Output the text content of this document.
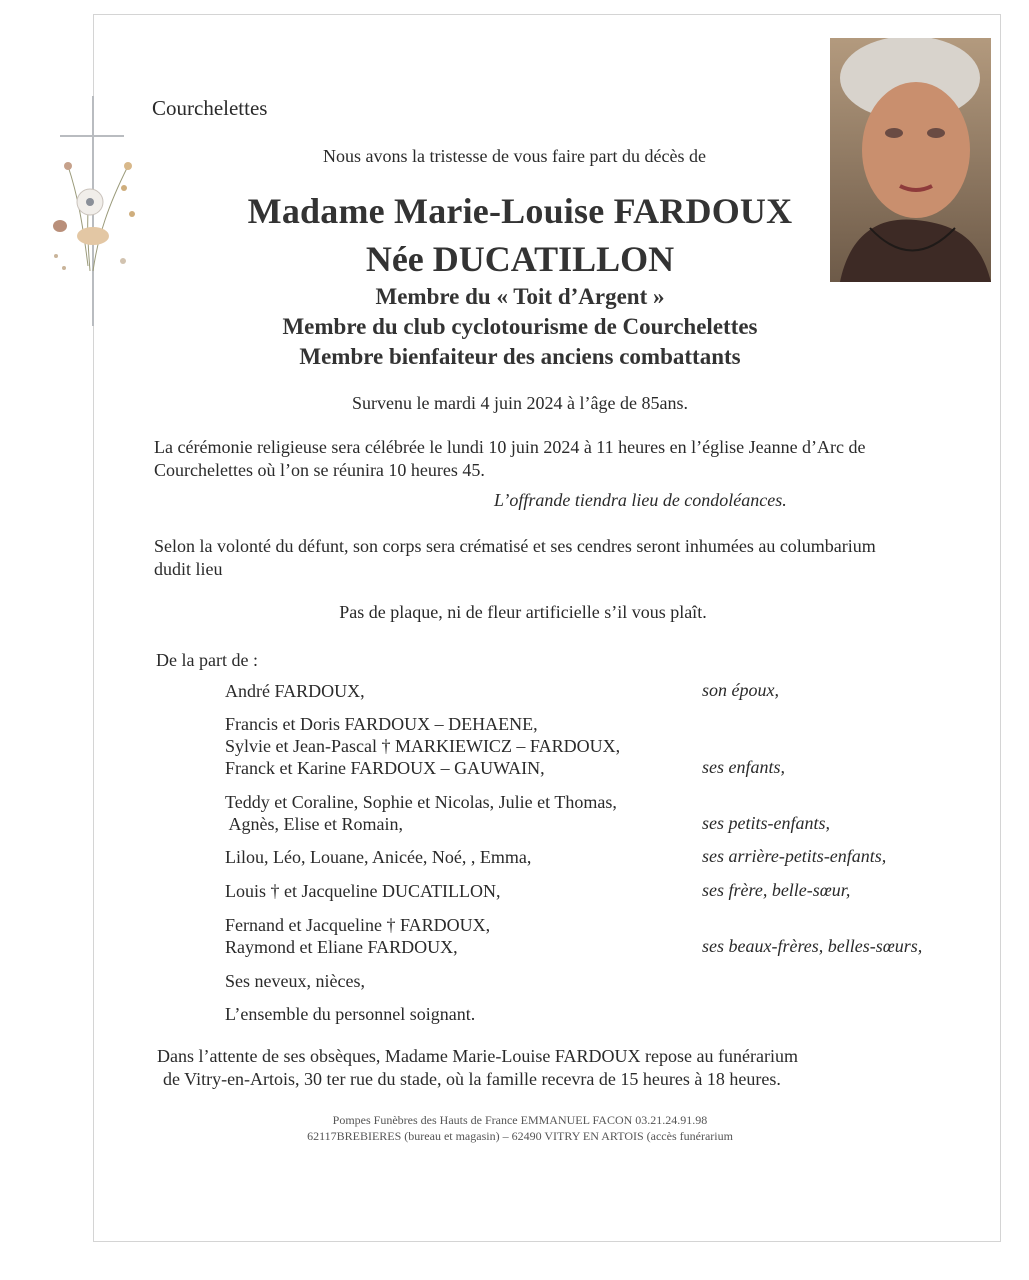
Courchelettes

Nous avons la tristesse de vous faire part du décès de

Madame Marie-Louise FARDOUX

Née DUCATILLON

Membre du « Toit d’Argent »

Membre du club cyclotourisme de Courchelettes

Membre bienfaiteur des anciens combattants

Survenu le mardi 4 juin 2024 à l’âge de 85ans.

La cérémonie religieuse sera célébrée le lundi 10 juin 2024 à 11 heures en l’église Jeanne d’Arc de
Courchelettes où l’on se réunira 10 heures 45.

L’offrande tiendra lieu de condoléances.

Selon la volonté du défunt, son corps sera crématisé et ses cendres seront inhumées au columbarium
dudit lieu

Pas de plaque, ni de fleur artificielle s’il vous plaît.

De la part de :

André FARDOUX,	son époux,

Francis et Doris FARDOUX – DEHAENE,

Sylvie et Jean-Pascal † MARKIEWICZ – FARDOUX,

Franck et Karine FARDOUX – GAUWAIN,	ses enfants,

Teddy et Coraline, Sophie et Nicolas, Julie et Thomas,

Agnès, Elise et Romain,	ses petits-enfants,

Lilou, Léo, Louane, Anicée, Noé, , Emma,	ses arrière-petits-enfants,

Louis † et Jacqueline DUCATILLON,	ses frère, belle-sœur,

Fernand et Jacqueline † FARDOUX,

Raymond et Eliane FARDOUX,	ses beaux-frères, belles-sœurs,

Ses neveux, nièces,

L’ensemble du personnel soignant.

Dans l’attente de ses obsèques, Madame Marie-Louise FARDOUX repose au funérarium
de Vitry-en-Artois, 30 ter rue du stade, où la famille recevra de 15 heures à 18 heures.

Pompes Funèbres des Hauts de France EMMANUEL FACON 03.21.24.91.98

62117BREBIERES (bureau et magasin) – 62490 VITRY EN ARTOIS (accès funérarium
